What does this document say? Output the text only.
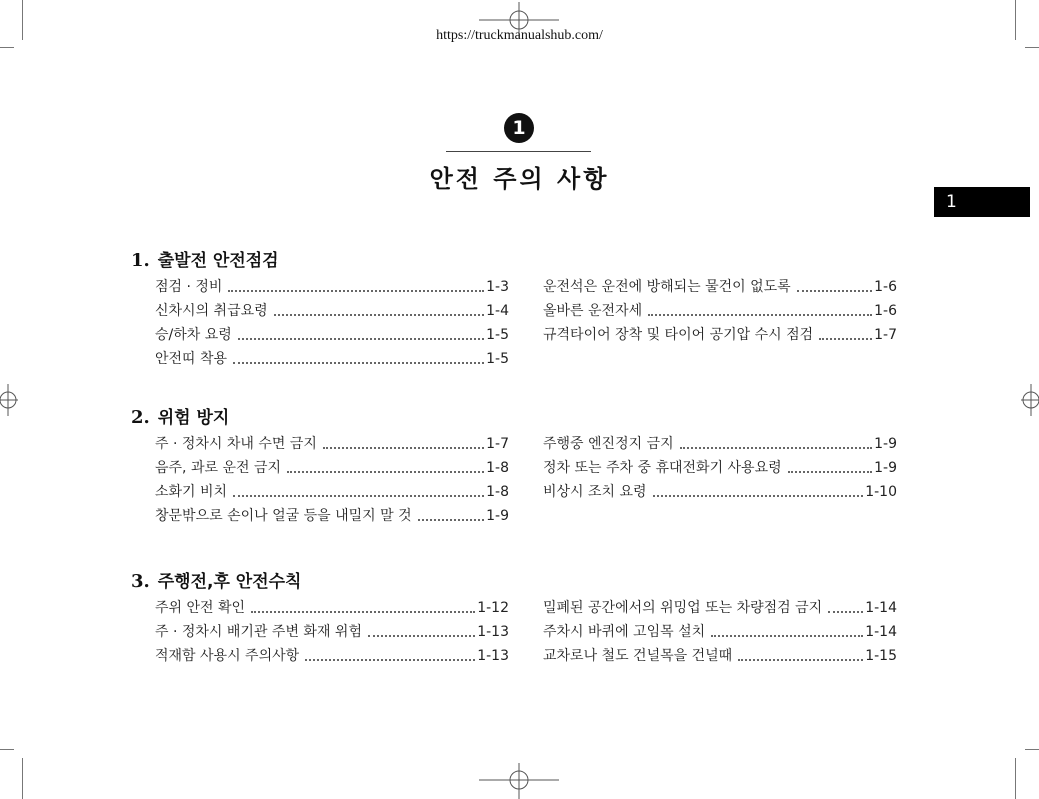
https://truckmanualshub.com/
1
안전 주의 사항
1
1. 출발전 안전점검
점검 · 정비	1-3
신차시의 취급요령	1-4
승/하차 요령	1-5
안전띠 착용	1-5
운전석은 운전에 방해되는 물건이 없도록	1-6
올바른 운전자세	1-6
규격타이어 장착 및 타이어 공기압 수시 점검	1-7
2. 위험 방지
주 · 정차시 차내 수면 금지	1-7
음주, 과로 운전 금지	1-8
소화기 비치	1-8
창문밖으로 손이나 얼굴 등을 내밀지 말 것	1-9
주행중 엔진정지 금지	1-9
정차 또는 주차 중 휴대전화기 사용요령	1-9
비상시 조치 요령	1-10
3. 주행전,후 안전수칙
주위 안전 확인	1-12
주 · 정차시 배기관 주변 화재 위험	1-13
적재함 사용시 주의사항	1-13
밀폐된 공간에서의 위밍업 또는 차량점검 금지	1-14
주차시 바퀴에 고임목 설치	1-14
교차로나 철도 건널목을 건널때	1-15
